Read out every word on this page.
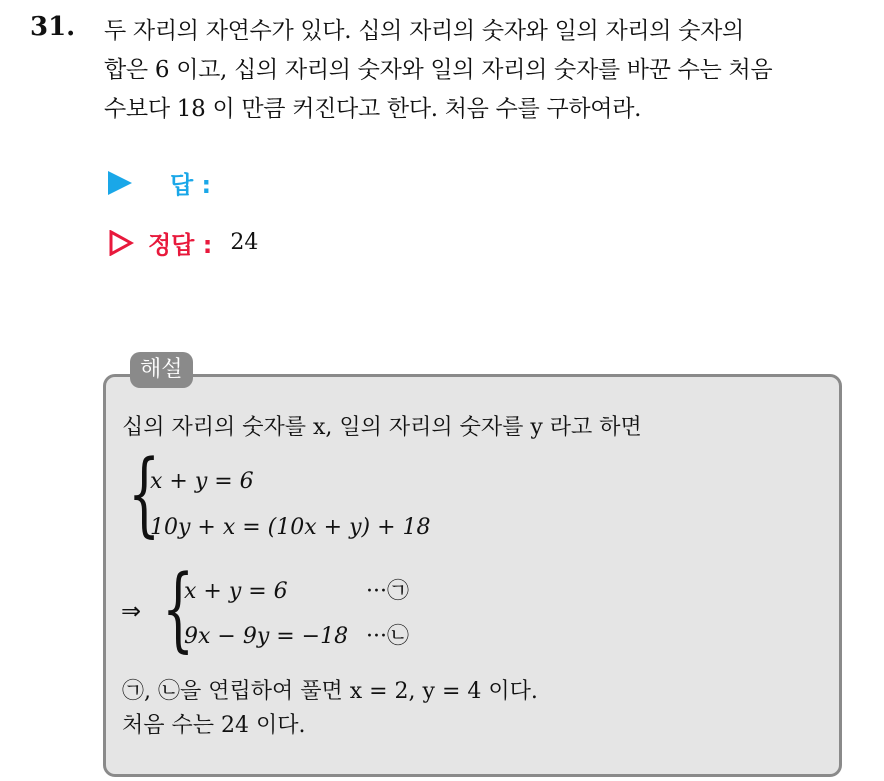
31. 두 자리의 자연수가 있다. 십의 자리의 숫자와 일의 자리의 숫자의
합은 6 이고, 십의 자리의 숫자와 일의 자리의 숫자를 바꾼 수는 처음
수보다 18 이 만큼 커진다고 한다. 처음 수를 구하여라.
답 :
정답 : 24
해설
십의 자리의 숫자를 x, 일의 자리의 숫자를 y 라고 하면
{
x + y = 6
10y + x = (10x + y) + 18
⇒ {
x + y = 6
9x − 9y = −18
···㉠
···㉡
㉠, ㉡을 연립하여 풀면 x = 2, y = 4 이다.
처음 수는 24 이다.
